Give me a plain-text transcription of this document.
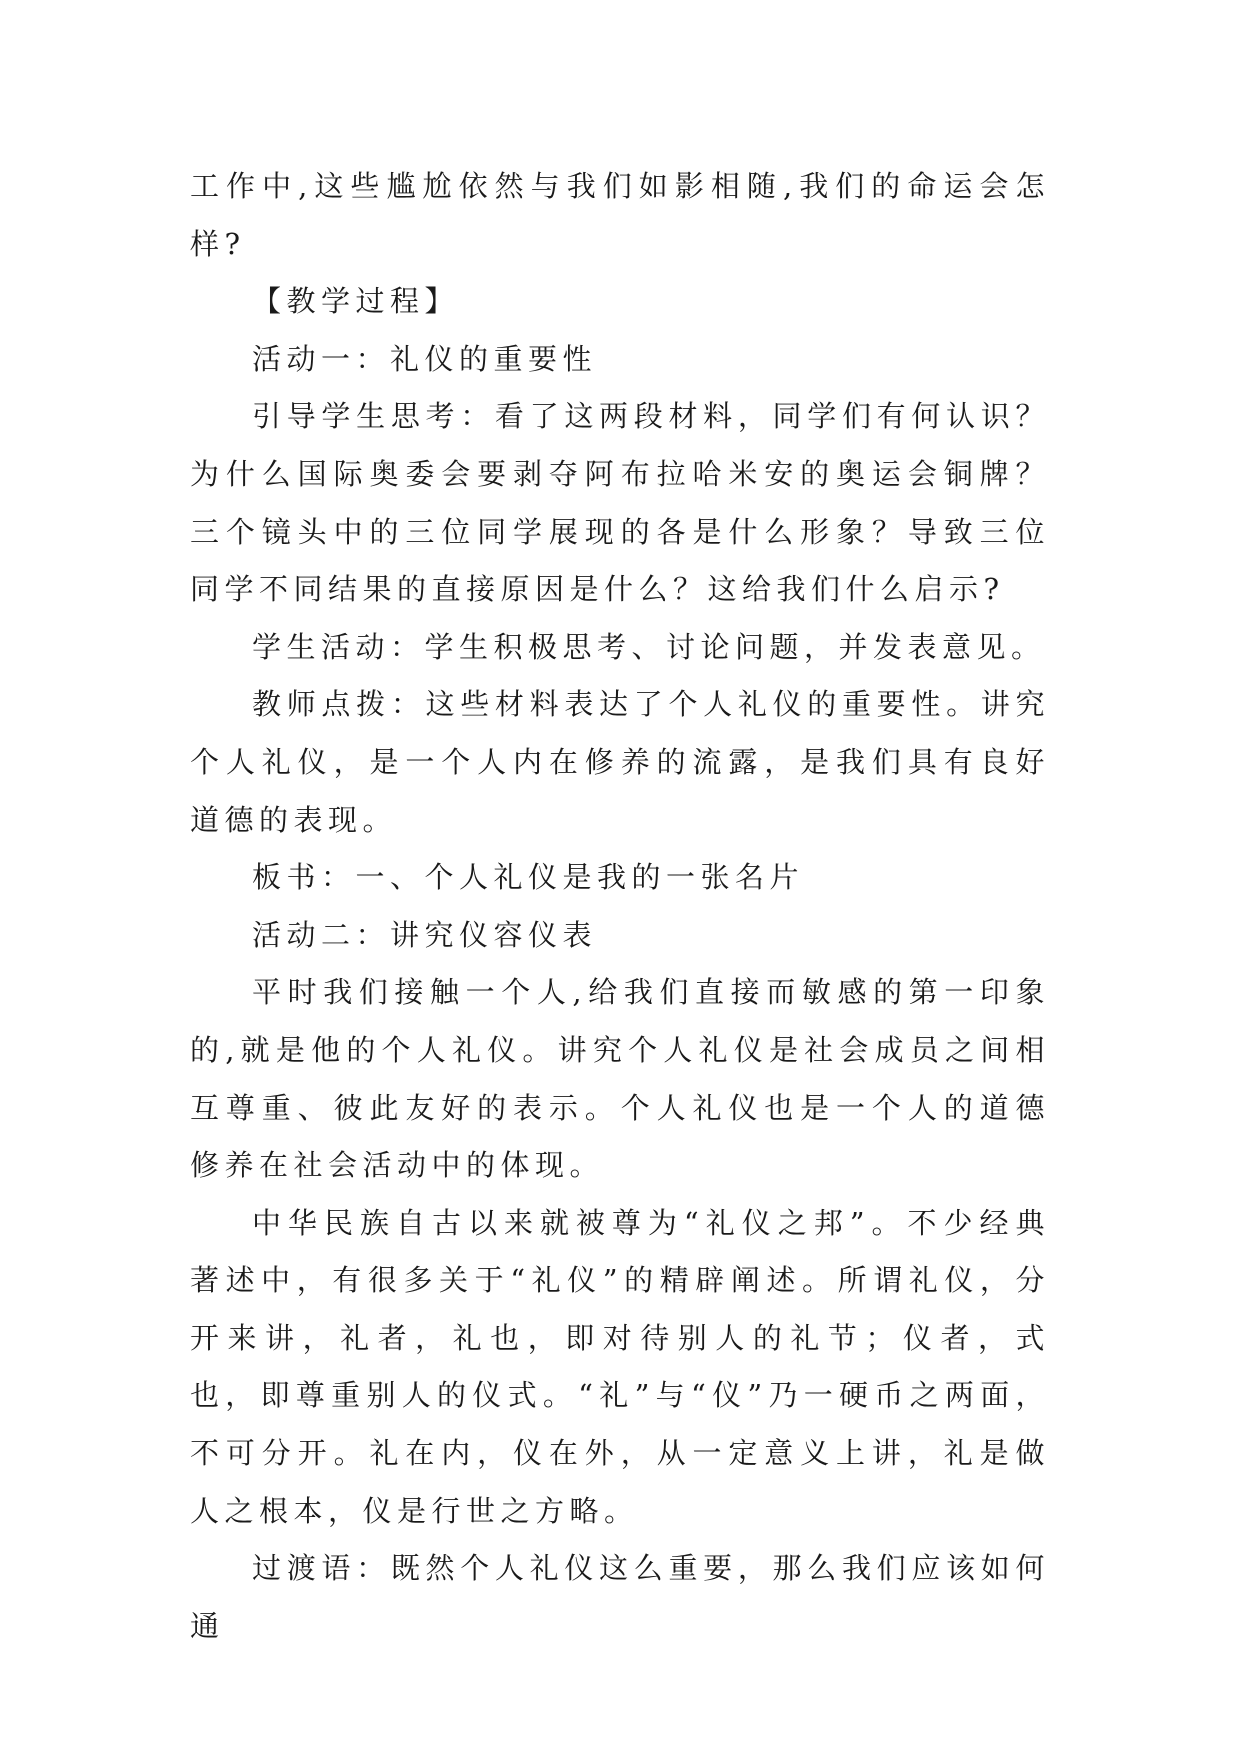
工作中,这些尴尬依然与我们如影相随,我们的命运会怎样?

【教学过程】

活动一：礼仪的重要性

引导学生思考：看了这两段材料，同学们有何认识？为什么国际奥委会要剥夺阿布拉哈米安的奥运会铜牌？三个镜头中的三位同学展现的各是什么形象？导致三位同学不同结果的直接原因是什么？这给我们什么启示?

学生活动：学生积极思考、讨论问题，并发表意见。

教师点拨：这些材料表达了个人礼仪的重要性。讲究个人礼仪，是一个人内在修养的流露，是我们具有良好道德的表现。

板书：一、个人礼仪是我的一张名片

活动二：讲究仪容仪表

平时我们接触一个人,给我们直接而敏感的第一印象的,就是他的个人礼仪。讲究个人礼仪是社会成员之间相互尊重、彼此友好的表示。个人礼仪也是一个人的道德修养在社会活动中的体现。

中华民族自古以来就被尊为“礼仪之邦”。不少经典著述中，有很多关于“礼仪”的精辟阐述。所谓礼仪，分开来讲，礼者，礼也，即对待别人的礼节；仪者，式也，即尊重别人的仪式。“礼”与“仪”乃一硬币之两面，不可分开。礼在内，仪在外，从一定意义上讲，礼是做人之根本，仪是行世之方略。

过渡语：既然个人礼仪这么重要，那么我们应该如何通
